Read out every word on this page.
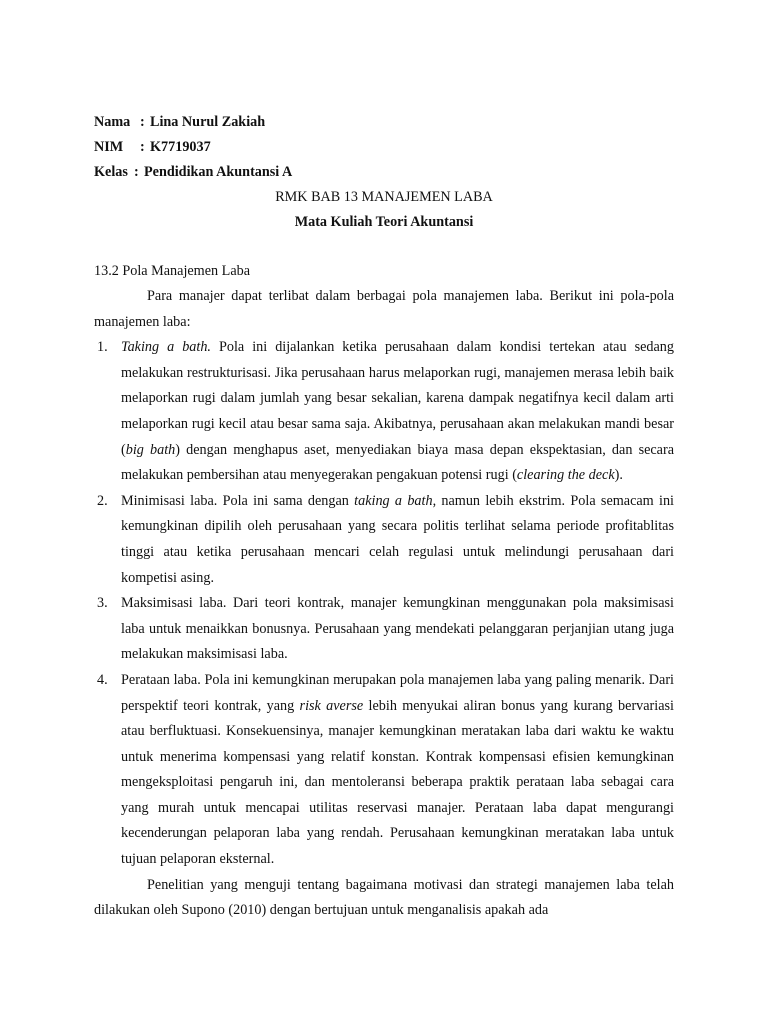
Nama : Lina Nurul Zakiah
NIM : K7719037
Kelas : Pendidikan Akuntansi A
RMK BAB 13 MANAJEMEN LABA
Mata Kuliah Teori Akuntansi
13.2 Pola Manajemen Laba

Para manajer dapat terlibat dalam berbagai pola manajemen laba. Berikut ini pola-pola manajemen laba:

1. Taking a bath. Pola ini dijalankan ketika perusahaan dalam kondisi tertekan atau sedang melakukan restrukturisasi. Jika perusahaan harus melaporkan rugi, manajemen merasa lebih baik melaporkan rugi dalam jumlah yang besar sekalian, karena dampak negatifnya kecil dalam arti melaporkan rugi kecil atau besar sama saja. Akibatnya, perusahaan akan melakukan mandi besar (big bath) dengan menghapus aset, menyediakan biaya masa depan ekspektasian, dan secara melakukan pembersihan atau menyegerakan pengakuan potensi rugi (clearing the deck).
2. Minimisasi laba. Pola ini sama dengan taking a bath, namun lebih ekstrim. Pola semacam ini kemungkinan dipilih oleh perusahaan yang secara politis terlihat selama periode profitablitas tinggi atau ketika perusahaan mencari celah regulasi untuk melindungi perusahaan dari kompetisi asing.
3. Maksimisasi laba. Dari teori kontrak, manajer kemungkinan menggunakan pola maksimisasi laba untuk menaikkan bonusnya. Perusahaan yang mendekati pelanggaran perjanjian utang juga melakukan maksimisasi laba.
4. Perataan laba. Pola ini kemungkinan merupakan pola manajemen laba yang paling menarik. Dari perspektif teori kontrak, yang risk averse lebih menyukai aliran bonus yang kurang bervariasi atau berfluktuasi. Konsekuensinya, manajer kemungkinan meratakan laba dari waktu ke waktu untuk menerima kompensasi yang relatif konstan. Kontrak kompensasi efisien kemungkinan mengeksploitasi pengaruh ini, dan mentoleransi beberapa praktik perataan laba sebagai cara yang murah untuk mencapai utilitas reservasi manajer. Perataan laba dapat mengurangi kecenderungan pelaporan laba yang rendah. Perusahaan kemungkinan meratakan laba untuk tujuan pelaporan eksternal.

Penelitian yang menguji tentang bagaimana motivasi dan strategi manajemen laba telah dilakukan oleh Supono (2010) dengan bertujuan untuk menganalisis apakah ada
